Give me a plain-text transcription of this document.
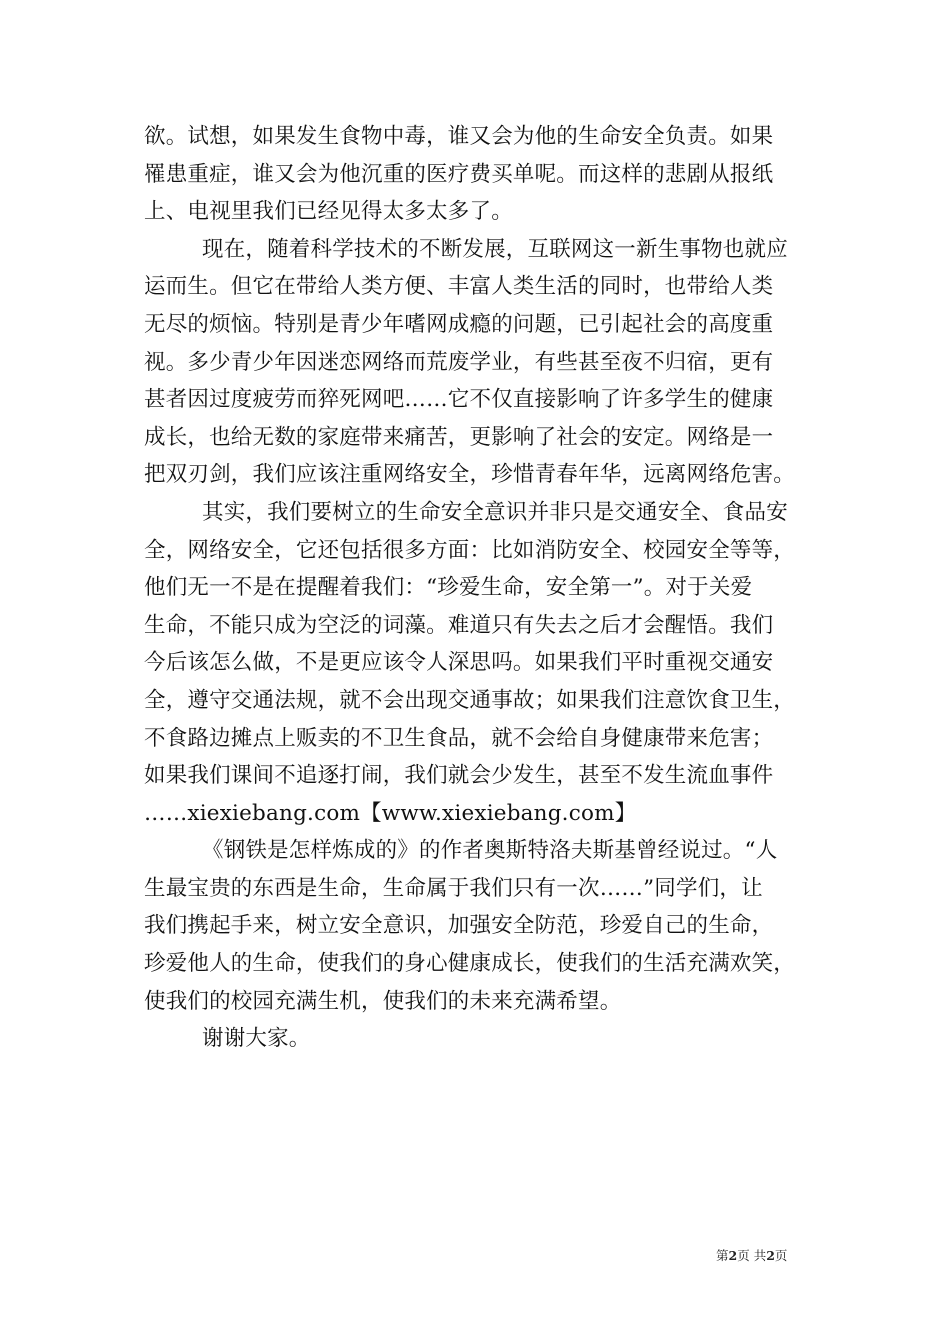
欲。试想，如果发生食物中毒，谁又会为他的生命安全负责。如果
罹患重症，谁又会为他沉重的医疗费买单呢。而这样的悲剧从报纸
上、电视里我们已经见得太多太多了。
现在，随着科学技术的不断发展，互联网这一新生事物也就应
运而生。但它在带给人类方便、丰富人类生活的同时，也带给人类
无尽的烦恼。特别是青少年嗜网成瘾的问题，已引起社会的高度重
视。多少青少年因迷恋网络而荒废学业，有些甚至夜不归宿，更有
甚者因过度疲劳而猝死网吧……它不仅直接影响了许多学生的健康
成长，也给无数的家庭带来痛苦，更影响了社会的安定。网络是一
把双刃剑，我们应该注重网络安全，珍惜青春年华，远离网络危害。
其实，我们要树立的生命安全意识并非只是交通安全、食品安
全，网络安全，它还包括很多方面：比如消防安全、校园安全等等，
他们无一不是在提醒着我们：“珍爱生命，安全第一”。对于关爱
生命，不能只成为空泛的词藻。难道只有失去之后才会醒悟。我们
今后该怎么做，不是更应该令人深思吗。如果我们平时重视交通安
全，遵守交通法规，就不会出现交通事故；如果我们注意饮食卫生，
不食路边摊点上贩卖的不卫生食品，就不会给自身健康带来危害；
如果我们课间不追逐打闹，我们就会少发生，甚至不发生流血事件
……xiexiebang.com【www.xiexiebang.com】
《钢铁是怎样炼成的》的作者奥斯特洛夫斯基曾经说过。“人
生最宝贵的东西是生命，生命属于我们只有一次……”同学们，让
我们携起手来，树立安全意识，加强安全防范，珍爱自己的生命，
珍爱他人的生命，使我们的身心健康成长，使我们的生活充满欢笑，
使我们的校园充满生机，使我们的未来充满希望。
谢谢大家。
第2页 共2页
